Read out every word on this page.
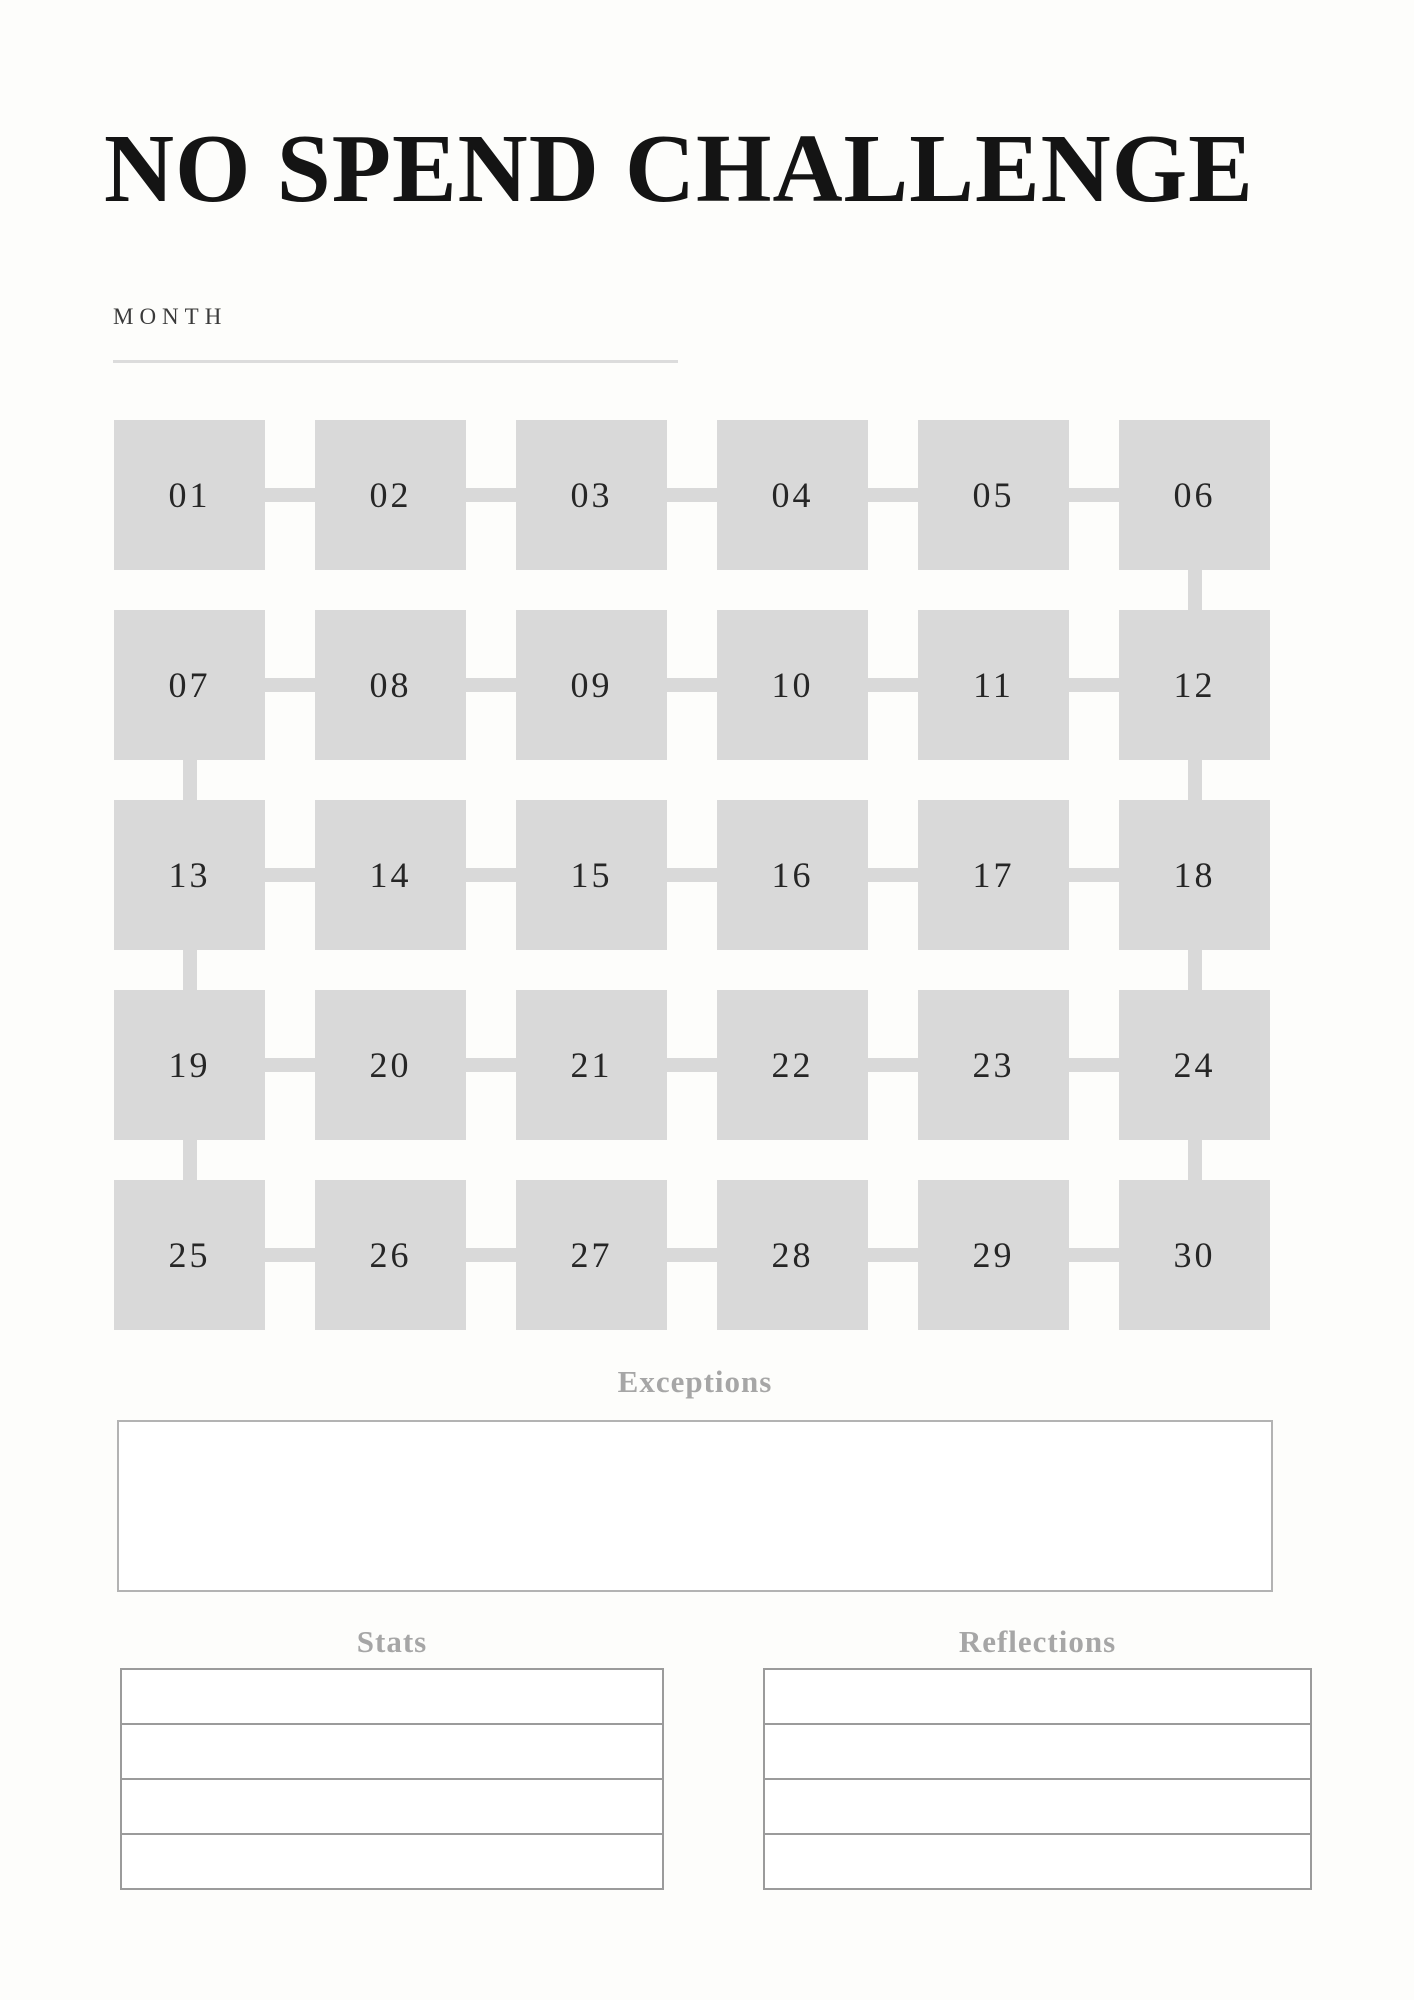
NO SPEND CHALLENGE
MONTH
01	02	03	04	05	06
07	08	09	10	11	12
13	14	15	16	17	18
19	20	21	22	23	24
25	26	27	28	29	30
Exceptions
Stats	Reflections
